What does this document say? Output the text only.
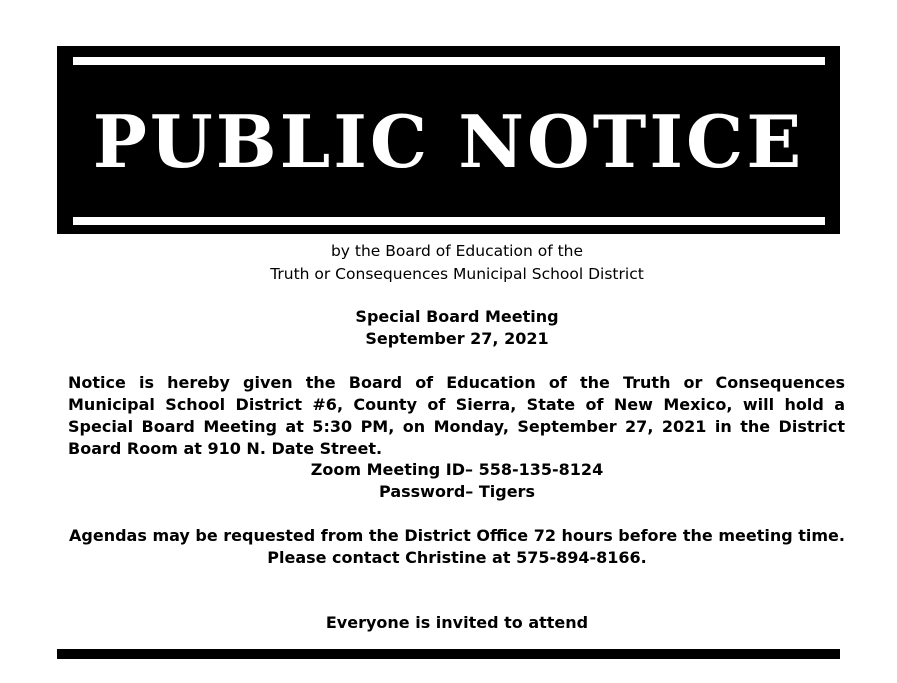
PUBLIC NOTICE
by the Board of Education of the
Truth or Consequences Municipal School District
Special Board Meeting
September 27, 2021
Notice is hereby given the Board of Education of the Truth or Consequences Municipal School District #6, County of Sierra, State of New Mexico, will hold a Special Board Meeting at 5:30 PM, on Monday, September 27, 2021 in the District Board Room at 910 N. Date Street.
Zoom Meeting ID– 558-135-8124
Password– Tigers
Agendas may be requested from the District Office 72 hours before the meeting time.
Please contact Christine at 575-894-8166.
Everyone is invited to attend
